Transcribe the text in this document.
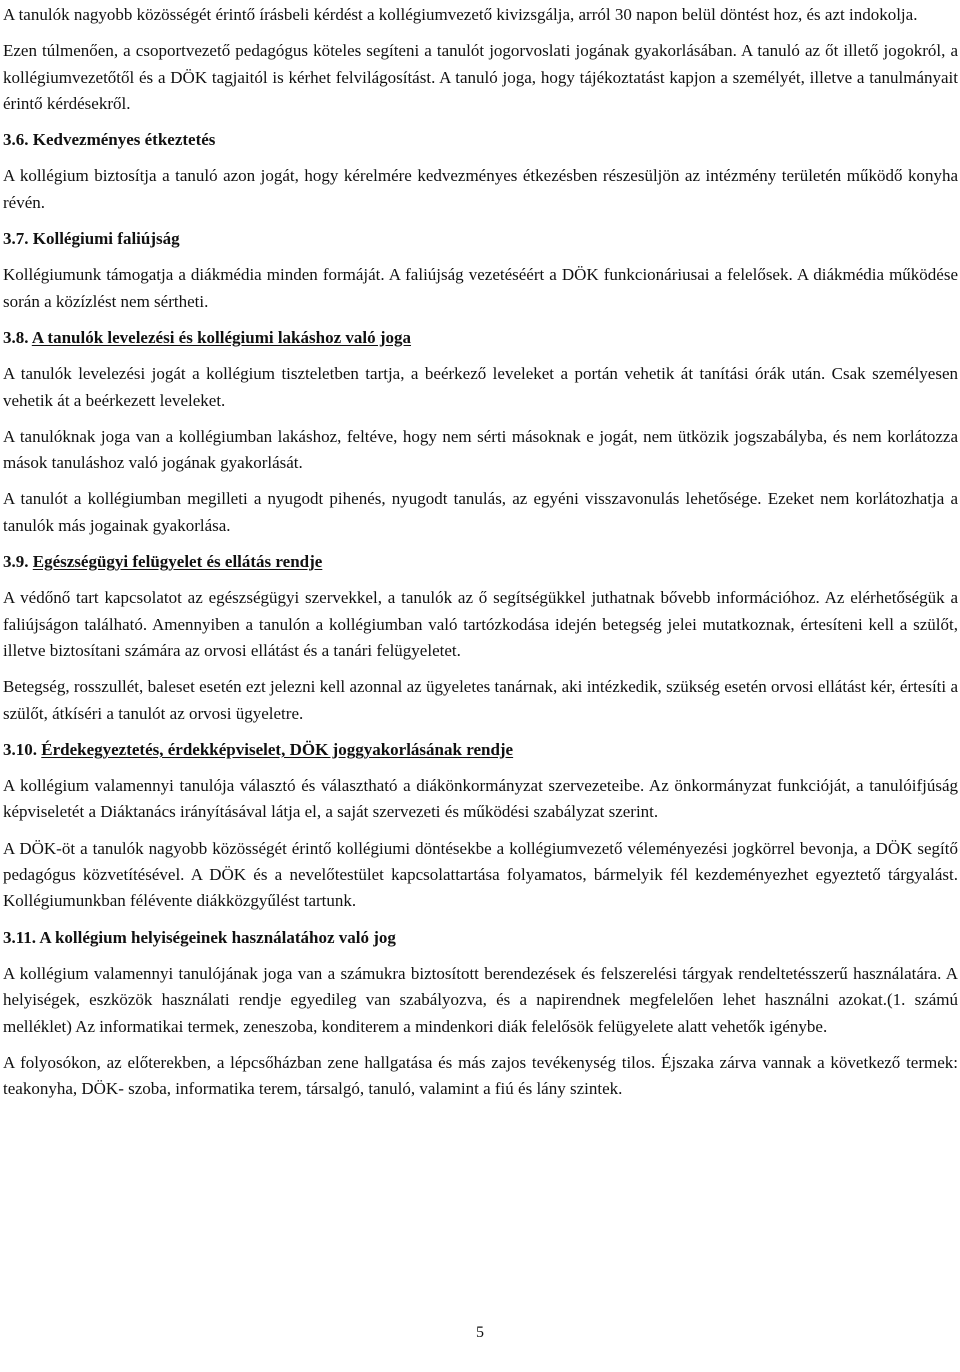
A tanulók nagyobb közösségét érintő írásbeli kérdést a kollégiumvezető kivizsgálja, arról 30 napon belül döntést hoz, és azt indokolja.

Ezen túlmenően, a csoportvezető pedagógus köteles segíteni a tanulót jogorvoslati jogának gyakorlásában. A tanuló az őt illető jogokról, a kollégiumvezetőtől és a DÖK tagjaitól is kérhet felvilágosítást. A tanuló joga, hogy tájékoztatást kapjon a személyét, illetve a tanulmányait érintő kérdésekről.

3.6. Kedvezményes étkeztetés

A kollégium biztosítja a tanuló azon jogát, hogy kérelmére kedvezményes étkezésben részesüljön az intézmény területén működő konyha révén.

3.7. Kollégiumi faliújság

Kollégiumunk támogatja a diákmédia minden formáját. A faliújság vezetéséért a DÖK funkcionáriusai a felelősek. A diákmédia működése során a közízlést nem sértheti.

3.8. A tanulók levelezési és kollégiumi lakáshoz való joga

A tanulók levelezési jogát a kollégium tiszteletben tartja, a beérkező leveleket a portán vehetik át tanítási órák után. Csak személyesen vehetik át a beérkezett leveleket.

A tanulóknak joga van a kollégiumban lakáshoz, feltéve, hogy nem sérti másoknak e jogát, nem ütközik jogszabályba, és nem korlátozza mások tanuláshoz való jogának gyakorlását.

A tanulót a kollégiumban megilleti a nyugodt pihenés, nyugodt tanulás, az egyéni visszavonulás lehetősége. Ezeket nem korlátozhatja a tanulók más jogainak gyakorlása.

3.9. Egészségügyi felügyelet és ellátás rendje

A védőnő tart kapcsolatot az egészségügyi szervekkel, a tanulók az ő segítségükkel juthatnak bővebb információhoz. Az elérhetőségük a faliújságon található. Amennyiben a tanulón a kollégiumban való tartózkodása idején betegség jelei mutatkoznak, értesíteni kell a szülőt, illetve biztosítani számára az orvosi ellátást és a tanári felügyeletet.

Betegség, rosszullét, baleset esetén ezt jelezni kell azonnal az ügyeletes tanárnak, aki intézkedik, szükség esetén orvosi ellátást kér, értesíti a szülőt, átkíséri a tanulót az orvosi ügyeletre.

3.10. Érdekegyeztetés, érdekképviselet, DÖK joggyakorlásának rendje

A kollégium valamennyi tanulója választó és választható a diákönkormányzat szervezeteibe. Az önkormányzat funkcióját, a tanulóifjúság képviseletét a Diáktanács irányításával látja el, a saját szervezeti és működési szabályzat szerint.

A DÖK-öt a tanulók nagyobb közösségét érintő kollégiumi döntésekbe a kollégiumvezető véleményezési jogkörrel bevonja, a DÖK segítő pedagógus közvetítésével. A DÖK és a nevelőtestület kapcsolattartása folyamatos, bármelyik fél kezdeményezhet egyeztető tárgyalást. Kollégiumunkban félévente diákközgyűlést tartunk.

3.11. A kollégium helyiségeinek használatához való jog

A kollégium valamennyi tanulójának joga van a számukra biztosított berendezések és felszerelési tárgyak rendeltetésszerű használatára. A helyiségek, eszközök használati rendje egyedileg van szabályozva, és a napirendnek megfelelően lehet használni azokat.(1. számú melléklet) Az informatikai termek, zeneszoba, konditerem a mindenkori diák felelősök felügyelete alatt vehetők igénybe.

A folyosókon, az előterekben, a lépcsőházban zene hallgatása és más zajos tevékenység tilos. Éjszaka zárva vannak a következő termek: teakonyha, DÖK- szoba, informatika terem, társalgó, tanuló, valamint a fiú és lány szintek.

5
